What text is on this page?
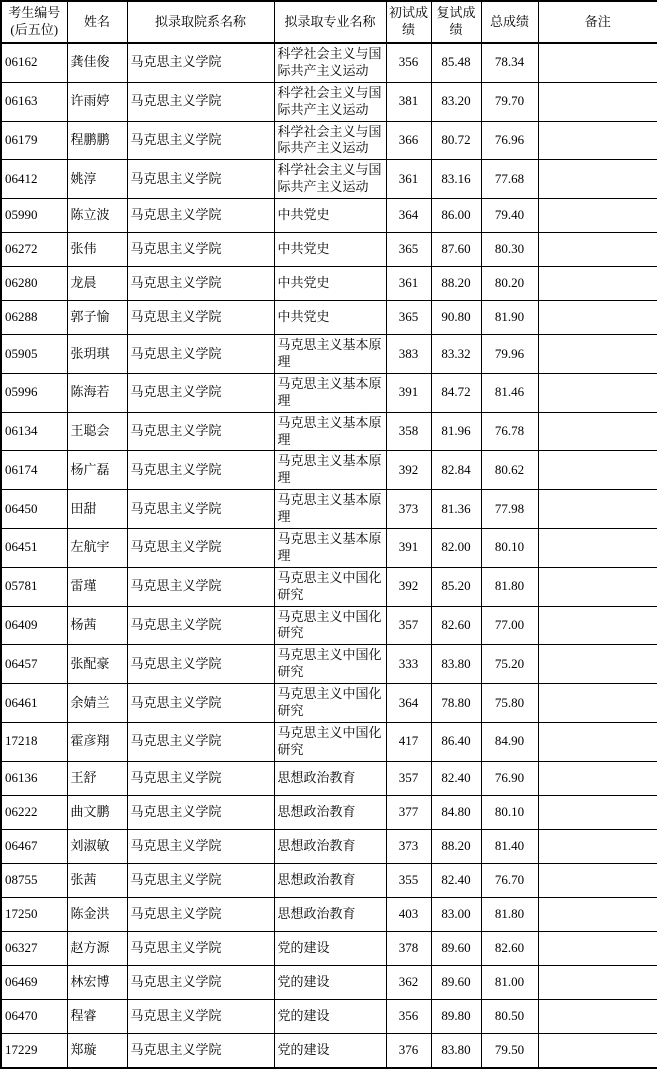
考生编号(后五位)	姓名	拟录取院系名称	拟录取专业名称	初试成绩	复试成绩	总成绩	备注
06162	龚佳俊	马克思主义学院	科学社会主义与国际共产主义运动	356	85.48	78.34	
06163	许雨婷	马克思主义学院	科学社会主义与国际共产主义运动	381	83.20	79.70	
06179	程鹏鹏	马克思主义学院	科学社会主义与国际共产主义运动	366	80.72	76.96	
06412	姚淳	马克思主义学院	科学社会主义与国际共产主义运动	361	83.16	77.68	
05990	陈立波	马克思主义学院	中共党史	364	86.00	79.40	
06272	张伟	马克思主义学院	中共党史	365	87.60	80.30	
06280	龙晨	马克思主义学院	中共党史	361	88.20	80.20	
06288	郭子愉	马克思主义学院	中共党史	365	90.80	81.90	
05905	张玥琪	马克思主义学院	马克思主义基本原理	383	83.32	79.96	
05996	陈海若	马克思主义学院	马克思主义基本原理	391	84.72	81.46	
06134	王聪会	马克思主义学院	马克思主义基本原理	358	81.96	76.78	
06174	杨广磊	马克思主义学院	马克思主义基本原理	392	82.84	80.62	
06450	田甜	马克思主义学院	马克思主义基本原理	373	81.36	77.98	
06451	左航宇	马克思主义学院	马克思主义基本原理	391	82.00	80.10	
05781	雷瑾	马克思主义学院	马克思主义中国化研究	392	85.20	81.80	
06409	杨茜	马克思主义学院	马克思主义中国化研究	357	82.60	77.00	
06457	张配豪	马克思主义学院	马克思主义中国化研究	333	83.80	75.20	
06461	余婧兰	马克思主义学院	马克思主义中国化研究	364	78.80	75.80	
17218	霍彦翔	马克思主义学院	马克思主义中国化研究	417	86.40	84.90	
06136	王舒	马克思主义学院	思想政治教育	357	82.40	76.90	
06222	曲文鹏	马克思主义学院	思想政治教育	377	84.80	80.10	
06467	刘淑敏	马克思主义学院	思想政治教育	373	88.20	81.40	
08755	张茜	马克思主义学院	思想政治教育	355	82.40	76.70	
17250	陈金洪	马克思主义学院	思想政治教育	403	83.00	81.80	
06327	赵方源	马克思主义学院	党的建设	378	89.60	82.60	
06469	林宏博	马克思主义学院	党的建设	362	89.60	81.00	
06470	程睿	马克思主义学院	党的建设	356	89.80	80.50	
17229	郑璇	马克思主义学院	党的建设	376	83.80	79.50	
